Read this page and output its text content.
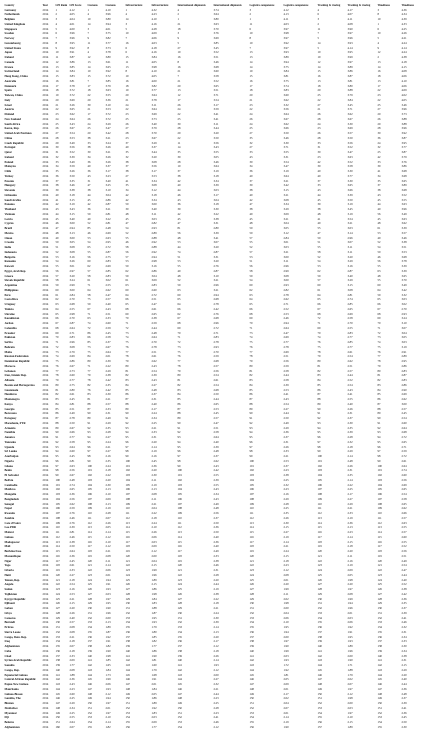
Country	Year	LPI Rank	LPI Score	Customs	Customs	Infrastructure	Infrastructure	International shipments	International shipments	Logistics competence	Logistics competence	Tracking & tracing	Tracking & tracing	Timeliness	Timeliness
Germany	2014	1	4.12	1	4.10	1	4.32	4	3.74	3	4.12	4	4.17	3	4.36
Netherlands	2014	2	4.05	4	3.96	4	4.23	2	3.64	2	4.13	6	4.07	8	4.34
Belgium	2014	3	4.04	10	3.80	14	4.10	1	3.80	1	4.11	3	4.11	10	4.39
United Kingdom	2014	4	4.01	14	3.94	3	4.16	21	3.63	11	4.03	2	4.08	1	4.33
Singapore	2014	5	4.00	3	4.01	5	4.28	18	3.70	6	3.97	11	3.90	6	4.25
Sweden	2014	6	3.96	7	3.75	10	4.09	3	3.76	10	3.98	7	3.97	10	4.26
Norway	2014	7	3.96	9	3.82	7	4.06	9	3.69	8	3.97	5	3.96	5	4.21
Luxembourg	2014	8	3.95	11	3.77	16	4.03	5	3.85	10	3.92	14	3.93	4	4.24
United States	2014	9	3.92	8	3.73	6	4.18	27	3.45	7	3.97	5	4.14	9	4.14
Japan	2014	10	3.91	4	3.78	6	4.16	19	3.52	13	3.93	10	3.95	12	4.24
Ireland	2014	11	3.87	12	3.80	15	3.84	16	3.51	13	3.89	19	3.99	2	4.38
Canada	2014	12	3.86	13	3.61	11	4.05	8	3.46	14	3.94	12	3.97	13	4.18
France	2014	13	3.85	14	3.65	13	3.98	16	3.68	14	3.75	14	3.89	14	4.15
Switzerland	2014	14	3.84	10	3.92	8	4.10	21	3.60	19	3.84	15	3.86	16	4.08
Hong Kong, China	2014	15	3.83	15	3.72	10	4.05	7	3.58	15	3.81	16	3.87	18	4.06
Australia	2014	16	3.81	7	3.85	16	4.00	21	3.52	16	3.75	13	3.81	13	4.10
Denmark	2014	17	3.78	17	3.79	18	3.82	20	3.65	17	3.74	18	3.80	17	4.06
Spain	2014	18	3.72	18	3.63	19	3.77	13	3.51	18	3.83	20	3.88	22	4.09
Taiwan, China	2014	19	3.72	22	3.55	20	3.64	12	3.71	20	3.60	25	3.79	23	4.02
Italy	2014	20	3.69	29	3.36	21	3.78	17	3.54	21	3.62	22	3.84	22	4.05
Israel	2014	21	3.26	30	3.10	24	3.11	26	3.17	23	3.32	27	3.45	25	3.46
Austria	2014	22	3.65	21	3.53	22	3.64	24	3.59	22	3.56	21	3.71	27	3.96
Finland	2014	23	3.62	17	3.72	23	3.69	22	3.41	24	3.64	26	3.62	20	3.73
New Zealand	2014	24	3.64	26	3.72	25	3.73	25	3.41	26	3.67	28	3.67	26	3.88
South Africa	2014	25	3.43	24	3.29	26	3.40	30	3.11	24	3.62	24	3.30	29	3.88
Korea, Rep.	2014	26	3.67	25	3.47	27	3.79	28	3.44	25	3.66	23	3.69	28	3.96
United Arab Emirates	2014	27	3.54	20	3.42	28	3.70	29	3.20	27	3.50	26	3.57	30	3.92
China	2014	28	3.53	38	3.21	23	3.67	22	3.50	35	3.46	28	3.50	36	3.87
Czech Republic	2014	29	3.49	33	3.24	37	3.29	11	3.56	32	3.30	33	3.56	24	3.95
Portugal	2014	30	3.56	38	3.26	40	3.37	14	3.43	27	3.71	31	3.52	32	3.77
Qatar	2014	31	3.52	30	3.21	35	3.44	35	3.55	33	3.55	30	3.47	25	3.87
Iceland	2014	32	3.39	34	3.26	32	3.20	39	3.05	43	3.31	23	3.63	42	3.79
Poland	2014	33	3.49	36	3.26	38	3.08	28	3.46	30	3.54	42	3.52	33	3.76
Malaysia	2014	34	3.59	40	3.37	37	3.56	10	3.64	34	3.47	30	3.58	39	3.86
Chile	2014	35	3.26	36	3.17	38	3.17	37	3.19	36	3.19	40	3.30	41	3.68
Turkey	2014	36	3.50	43	3.23	27	3.53	38	3.18	40	3.64	40	3.77	34	3.68
Estonia	2014	37	3.35	31	3.40	41	3.34	42	3.34	37	3.21	37	3.30	35	3.65
Hungary	2014	38	3.46	47	3.25	35	3.08	40	3.39	39	3.42	33	3.65	37	3.89
Slovenia	2014	39	3.38	38	3.10	34	3.12	44	3.03	38	3.15	43	3.66	38	3.68
Lithuania	2014	40	3.18	44	3.04	42	3.18	46	3.17	40	3.21	44	3.39	43	3.52
Saudi Arabia	2014	41	3.15	45	2.86	42	3.34	43	3.04	42	3.08	45	3.50	45	3.55
Panama	2014	42	3.19	42	2.87	50	3.00	36	3.18	47	3.34	39	3.19	44	3.63
Thailand	2014	43	3.43	36	3.21	30	3.40	39	3.30	38	3.29	38	3.45	40	3.96
Vietnam	2014	44	3.15	59	2.81	48	3.11	42	3.22	49	3.09	48	3.19	56	3.49
Latvia	2014	45	3.40	49	3.22	45	3.03	45	3.38	45	3.21	41	3.54	45	3.63
Cyprus	2014	46	3.00	52	2.81	47	2.82	47	3.31	48	3.04	49	3.21	48	3.62
Brazil	2014	47	2.94	85	2.48	54	2.93	81	2.80	50	3.05	55	3.03	61	3.39
Mexico	2014	48	3.13	46	2.69	52	2.89	56	3.39	50	3.12	47	3.14	53	3.57
Oman	2014	49	3.00	53	2.63	55	2.88	48	3.41	57	2.84	50	2.96	49	3.46
Croatia	2014	50	3.05	54	2.95	46	2.92	53	3.07	55	3.01	51	3.07	52	3.38
India	2014	51	3.08	65	2.72	58	2.88	44	3.20	52	3.03	55	3.11	54	3.51
Indonesia	2014	52	3.08	55	2.87	56	2.92	74	2.87	57	3.21	58	3.11	50	3.53
Bulgaria	2014	53	3.16	56	2.75	57	2.94	51	3.31	53	3.00	52	3.20	46	3.68
Romania	2014	54	3.26	60	2.83	53	2.98	53	3.20	51	3.11	54	3.29	56	3.78
Kuwait	2014	55	3.01	62	2.69	50	3.16	55	2.76	56	2.96	53	3.16	55	3.39
Egypt, Arab Rep.	2014	56	2.97	57	2.85	62	2.86	49	2.87	58	2.99	62	2.87	63	3.39
Greece	2014	57	3.20	58	2.83	59	3.04	48	3.10	59	3.08	59	3.40	48	3.65
Slovak Republic	2014	58	3.24	61	3.02	61	3.09	52	3.21	54	3.00	57	3.29	55	3.70
Argentina	2014	59	2.99	71	2.55	63	2.83	59	2.96	60	2.93	60	3.15	60	3.49
Philippines	2014	60	3.00	64	2.62	60	2.60	63	3.21	62	2.82	61	3.08	64	3.42
Peru	2014	61	2.84	58	2.47	64	2.72	60	2.94	63	2.78	64	2.81	59	3.32
Costa Rica	2014	62	2.70	75	2.57	66	2.51	65	2.68	64	2.62	65	2.74	65	3.03
Uruguay	2014	63	2.68	59	2.40	65	2.47	64	2.78	65	2.71	66	2.85	66	3.02
Tunisia	2014	64	2.55	67	2.43	68	2.61	66	2.42	66	2.52	67	2.65	67	2.70
Ukraine	2014	65	2.98	71	2.51	69	2.65	62	2.76	68	2.53	68	2.69	68	2.93
Kazakhstan	2014	66	2.70	63	2.33	70	2.38	67	2.68	69	2.46	72	2.58	69	3.24
Jordan	2014	67	2.87	74	2.60	71	2.59	68	2.96	70	2.94	71	2.70	70	3.10
Colombia	2014	68	2.64	72	2.59	72	2.44	69	2.72	71	2.64	69	2.55	71	3.07
Ecuador	2014	69	2.71	86	2.45	73	2.48	70	2.71	73	2.47	70	2.83	72	3.04
Pakistan	2014	70	2.83	66	2.58	74	2.64	71	2.83	74	2.69	74	2.77	73	3.05
Serbia	2014	71	2.96	85	2.37	75	2.70	72	2.78	75	2.77	76	2.85	74	3.03
Bahrain	2014	72	3.08	73	2.67	76	2.78	73	2.93	76	2.78	75	2.77	75	3.19
Malta	2014	73	2.79	75	2.64	77	2.51	75	2.70	77	2.69	78	2.61	76	2.91
Russian Federation	2014	74	2.69	84	2.01	78	2.61	76	2.59	78	2.51	79	2.54	77	2.89
Dominican Republic	2014	75	2.86	80	2.39	79	2.62	77	2.68	79	2.56	80	2.62	78	2.95
Morocco	2014	76	2.67	71	2.22	80	2.43	78	2.57	80	2.59	81	2.51	79	2.86
Lebanon	2014	77	2.73	77	2.29	81	2.54	79	2.56	81	2.58	82	2.57	80	2.83
Iran, Islamic Rep.	2014	78	2.60	79	2.38	82	2.39	80	2.54	82	2.44	83	2.44	81	2.87
Albania	2014	79	2.77	78	2.42	83	2.43	81	2.61	83	2.58	84	2.52	82	2.83
Bosnia and Herzegovina	2014	80	2.75	82	2.35	84	2.27	82	2.54	84	2.39	85	2.54	83	2.86
Guatemala	2014	81	2.80	76	2.42	85	2.48	83	2.68	85	2.53	86	2.43	84	2.90
Honduras	2014	82	2.61	83	2.30	86	2.37	84	2.50	86	2.41	87	2.41	85	2.69
Montenegro	2014	83	2.45	81	2.21	87	2.31	85	2.44	87	2.43	88	2.55	86	2.62
Kenya	2014	84	2.81	88	2.57	88	2.40	86	2.65	88	2.54	89	2.40	87	3.00
Georgia	2014	85	2.51	87	2.33	89	2.17	87	2.53	89	2.27	90	2.26	88	2.57
Botswana	2014	86	2.49	90	2.31	90	2.24	88	2.45	90	2.44	91	2.31	89	2.45
Paraguay	2014	87	2.78	89	2.49	91	2.34	89	2.57	91	2.50	92	2.37	90	2.54
Macedonia, FYR	2014	88	2.50	91	2.29	92	2.25	90	2.47	92	2.49	93	2.30	91	2.60
Armenia	2014	89	2.67	92	2.35	93	2.21	91	2.51	93	2.29	94	2.35	92	2.64
Namibia	2014	90	2.66	93	2.28	94	2.33	92	2.58	94	2.36	95	2.39	93	2.68
Jamaica	2014	91	2.77	94	2.27	95	2.31	93	2.64	95	2.37	96	2.28	94	2.72
Tanzania	2014	92	2.58	95	2.24	96	2.20	94	2.40	96	2.31	97	2.32	95	2.65
Uganda	2014	93	2.64	96	2.21	97	2.14	95	2.39	97	2.26	98	2.18	96	2.71
Sri Lanka	2014	94	2.60	97	2.27	98	2.19	96	2.48	98	2.33	99	2.29	97	2.59
Azerbaijan	2014	95	2.45	98	2.16	99	2.16	97	2.37	99	2.21	100	2.14	98	2.72
Nigeria	2014	96	2.81	99	2.35	100	2.45	98	2.62	100	2.53	101	2.48	99	2.61
Ghana	2014	97	2.63	100	2.24	101	2.36	99	2.43	101	2.37	102	2.26	100	2.64
Benin	2014	98	2.56	101	2.18	102	2.20	100	2.42	102	2.23	103	2.31	101	2.74
El Salvador	2014	99	2.67	102	2.22	103	2.30	101	2.55	103	2.38	104	2.35	102	2.60
Bolivia	2014	100	2.48	103	2.20	104	2.11	102	2.39	104	2.25	105	2.14	103	2.56
Cambodia	2014	101	2.74	104	2.30	105	2.19	103	2.55	105	2.32	106	2.22	104	2.69
Moldova	2014	102	2.65	105	2.13	106	2.13	104	2.43	106	2.23	107	2.25	105	2.65
Mongolia	2014	103	2.36	106	2.10	107	2.08	105	2.34	107	2.16	108	2.17	106	2.54
Bangladesh	2014	104	2.56	107	2.09	108	2.11	106	2.43	108	2.29	109	2.27	107	2.58
Senegal	2014	105	2.62	108	2.13	109	2.21	107	2.49	109	2.28	110	2.29	108	2.65
Nepal	2014	106	2.59	109	2.19	110	2.04	108	2.48	110	2.25	111	2.21	109	2.62
Rwanda	2014	107	2.76	110	2.28	111	2.22	109	2.56	111	2.35	112	2.33	110	2.66
Zambia	2014	108	2.46	111	2.07	112	2.18	110	2.37	112	2.26	113	2.19	111	2.57
Cote d'Ivoire	2014	109	2.76	112	2.26	113	2.24	111	2.50	113	2.30	114	2.36	112	2.63
Lao PDR	2014	110	2.39	113	2.05	114	2.10	112	2.36	114	2.15	115	2.13	113	2.55
Malawi	2014	111	2.81	114	2.14	115	2.26	113	2.50	115	2.27	116	2.23	114	2.57
Guinea	2014	112	2.46	115	2.12	116	2.06	114	2.40	116	2.19	117	2.14	115	2.60
Madagascar	2014	113	2.38	116	2.10	117	2.03	115	2.36	117	2.14	118	2.15	116	2.55
Mali	2014	114	2.50	117	2.12	118	2.09	116	2.40	118	2.21	119	2.18	117	2.52
Burkina Faso	2014	115	2.64	118	2.21	119	2.12	117	2.49	119	2.24	120	2.20	118	2.56
Mozambique	2014	116	2.36	119	2.08	120	2.00	118	2.33	120	2.15	121	2.11	119	2.51
Niger	2014	117	2.45	120	2.11	121	2.04	119	2.38	121	2.18	122	2.16	120	2.49
Togo	2014	118	2.61	121	2.14	122	2.15	120	2.46	122	2.23	123	2.19	121	2.54
Liberia	2014	119	2.33	122	2.06	123	1.99	121	2.31	123	2.12	124	2.09	122	2.47
Haiti	2014	120	2.27	123	2.01	124	1.96	122	2.28	124	2.08	125	2.05	123	2.44
Yemen, Rep.	2014	121	2.18	124	1.94	125	1.89	123	2.20	125	2.01	126	1.98	124	2.40
Angola	2014	122	2.54	125	1.91	126	2.15	124	2.44	126	2.20	127	2.20	125	2.52
Sudan	2014	123	2.16	126	1.93	127	1.86	125	2.19	127	1.99	128	1.97	126	2.38
Tajikistan	2014	124	2.53	127	2.03	128	1.98	126	2.38	128	2.11	129	2.08	127	2.42
Kyrgyz Republic	2014	125	2.21	128	1.97	129	1.84	127	2.22	129	2.02	130	1.99	128	2.36
Djibouti	2014	126	2.15	129	1.95	130	1.83	128	2.18	130	1.98	131	1.94	129	2.35
Gabon	2014	127	2.20	130	1.90	131	1.88	129	2.21	131	2.00	132	1.96	130	2.37
Libya	2014	128	2.26	131	1.96	132	1.87	130	2.24	132	2.04	133	2.01	131	2.39
Comoros	2014	129	2.40	132	2.00	133	1.95	131	2.30	133	2.06	134	2.03	132	2.41
Burundi	2014	130	2.57	133	2.13	134	1.93	132	2.39	134	2.10	135	2.06	133	2.46
Eritrea	2014	131	2.08	134	1.89	135	1.79	133	2.14	135	1.95	136	1.92	134	2.32
Sierra Leone	2014	132	2.08	135	1.87	136	1.80	134	2.13	136	1.94	137	1.91	135	2.31
Congo, Dem. Rep.	2014	133	2.21	136	1.92	137	1.85	135	2.20	137	2.00	138	1.95	136	2.34
Iraq	2014	134	2.18	137	1.91	138	1.82	136	2.17	138	1.97	139	1.93	137	2.33
Afghanistan	2014	135	2.07	138	1.82	139	1.77	137	2.12	139	1.90	140	1.89	138	2.30
Cuba	2014	136	2.18	139	1.90	140	1.86	138	2.18	140	1.99	141	1.96	139	2.34
Chad	2014	137	2.33	140	1.98	141	1.90	139	2.26	141	2.03	142	2.00	140	2.38
Syrian Arab Republic	2014	138	2.09	141	1.85	142	1.81	140	2.14	142	1.93	143	1.90	141	2.31
Somalia	2014	139	1.77	142	1.65	143	1.60	141	1.93	143	1.72	144	1.71	142	2.15
Congo, Rep.	2014	140	2.08	143	1.84	144	1.79	142	2.12	144	1.92	145	1.88	143	2.29
Equatorial Guinea	2014	141	1.88	144	1.73	145	1.68	143	2.00	145	1.81	146	1.79	144	2.20
Central African Republic	2014	142	2.36	145	1.99	146	1.91	144	2.27	146	2.05	147	2.02	145	2.40
Papua New Guinea	2014	143	2.43	146	2.06	147	2.01	145	2.32	147	2.09	148	2.07	146	2.44
Mauritania	2014	144	2.23	147	1.93	148	1.84	146	2.21	148	2.01	149	1.97	147	2.36
Guinea-Bissau	2014	145	2.60	148	2.12	149	2.05	147	2.44	149	2.17	150	2.12	148	2.48
Gambia, The	2014	146	2.25	149	1.94	150	1.86	148	2.23	150	2.02	151	1.98	149	2.37
Bhutan	2014	147	2.29	150	1.97	151	1.89	149	2.25	151	2.04	152	2.00	150	2.39
Zimbabwe	2014	148	2.34	151	2.01	152	1.92	150	2.28	152	2.07	153	2.03	151	2.41
Myanmar	2014	149	2.25	152	1.97	153	1.83	151	2.23	153	2.01	154	1.97	152	2.36
Fiji	2014	150	2.55	153	2.10	154	2.03	152	2.41	154	2.14	155	2.10	153	2.45
Belarus	2014	151	2.64	154	2.14	155	2.09	153	2.46	155	2.19	156	2.15	154	2.50
Afghanistan	2014	160	2.07	155	1.82	156	1.77	154	2.12	156	1.90	157	1.89	155	2.30
